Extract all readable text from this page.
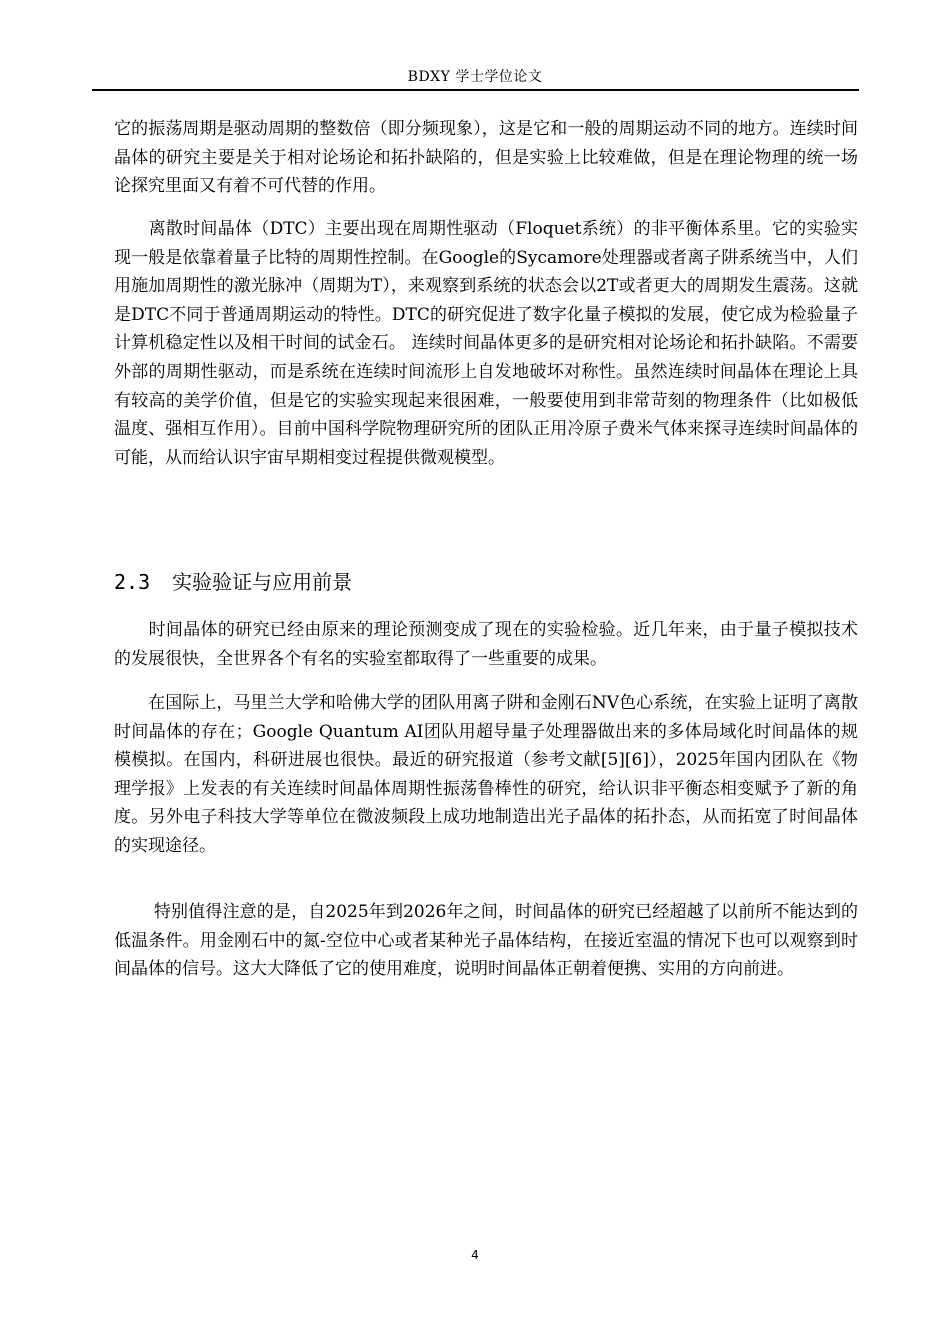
BDXY 学士学位论文

它的振荡周期是驱动周期的整数倍（即分频现象），这是它和一般的周期运动不同的地方。连续时间晶体的研究主要是关于相对论场论和拓扑缺陷的，但是实验上比较难做，但是在理论物理的统一场论探究里面又有着不可代替的作用。

　　离散时间晶体（DTC）主要出现在周期性驱动（Floquet系统）的非平衡体系里。它的实验实现一般是依靠着量子比特的周期性控制。在Google的Sycamore处理器或者离子阱系统当中，人们用施加周期性的激光脉冲（周期为T），来观察到系统的状态会以2T或者更大的周期发生震荡。这就是DTC不同于普通周期运动的特性。DTC的研究促进了数字化量子模拟的发展，使它成为检验量子计算机稳定性以及相干时间的试金石。 连续时间晶体更多的是研究相对论场论和拓扑缺陷。不需要外部的周期性驱动，而是系统在连续时间流形上自发地破坏对称性。虽然连续时间晶体在理论上具有较高的美学价值，但是它的实验实现起来很困难，一般要使用到非常苛刻的物理条件（比如极低温度、强相互作用）。目前中国科学院物理研究所的团队正用冷原子费米气体来探寻连续时间晶体的可能，从而给认识宇宙早期相变过程提供微观模型。

2.3 实验验证与应用前景

　　时间晶体的研究已经由原来的理论预测变成了现在的实验检验。近几年来，由于量子模拟技术的发展很快，全世界各个有名的实验室都取得了一些重要的成果。

　　在国际上，马里兰大学和哈佛大学的团队用离子阱和金刚石NV色心系统，在实验上证明了离散时间晶体的存在；Google Quantum AI团队用超导量子处理器做出来的多体局域化时间晶体的规模模拟。在国内，科研进展也很快。最近的研究报道（参考文献[5][6]），2025年国内团队在《物理学报》上发表的有关连续时间晶体周期性振荡鲁棒性的研究，给认识非平衡态相变赋予了新的角度。另外电子科技大学等单位在微波频段上成功地制造出光子晶体的拓扑态，从而拓宽了时间晶体的实现途径。

　　 特别值得注意的是，自2025年到2026年之间，时间晶体的研究已经超越了以前所不能达到的低温条件。用金刚石中的氮-空位中心或者某种光子晶体结构，在接近室温的情况下也可以观察到时间晶体的信号。这大大降低了它的使用难度，说明时间晶体正朝着便携、实用的方向前进。

4
